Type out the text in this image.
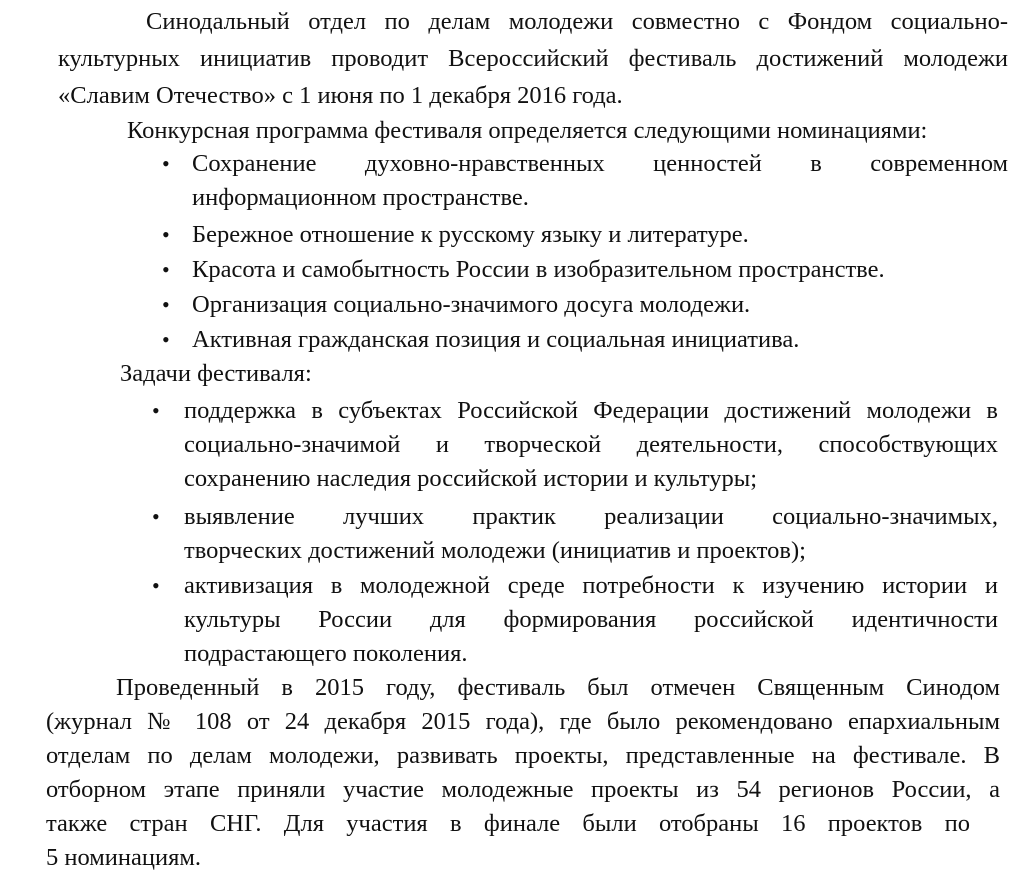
Синодальный отдел по делам молодежи совместно с Фондом социально-
культурных инициатив проводит Всероссийский фестиваль достижений молодежи
«Славим Отечество» с 1 июня по 1 декабря 2016 года.
Конкурсная программа фестиваля определяется следующими номинациями:
• Сохранение духовно-нравственных ценностей в современном
информационном пространстве.
• Бережное отношение к русскому языку и литературе.
• Красота и самобытность России в изобразительном пространстве.
• Организация социально-значимого досуга молодежи.
• Активная гражданская позиция и социальная инициатива.
Задачи фестиваля:
• поддержка в субъектах Российской Федерации достижений молодежи в
социально-значимой и творческой деятельности, способствующих
сохранению наследия российской истории и культуры;
• выявление лучших практик реализации социально-значимых,
творческих достижений молодежи (инициатив и проектов);
• активизация в молодежной среде потребности к изучению истории и
культуры России для формирования российской идентичности
подрастающего поколения.
Проведенный в 2015 году, фестиваль был отмечен Священным Синодом
(журнал № 108 от 24 декабря 2015 года), где было рекомендовано епархиальным
отделам по делам молодежи, развивать проекты, представленные на фестивале. В
отборном этапе приняли участие молодежные проекты из 54 регионов России, а
также стран СНГ. Для участия в финале были отобраны 16 проектов по
5 номинациям.
